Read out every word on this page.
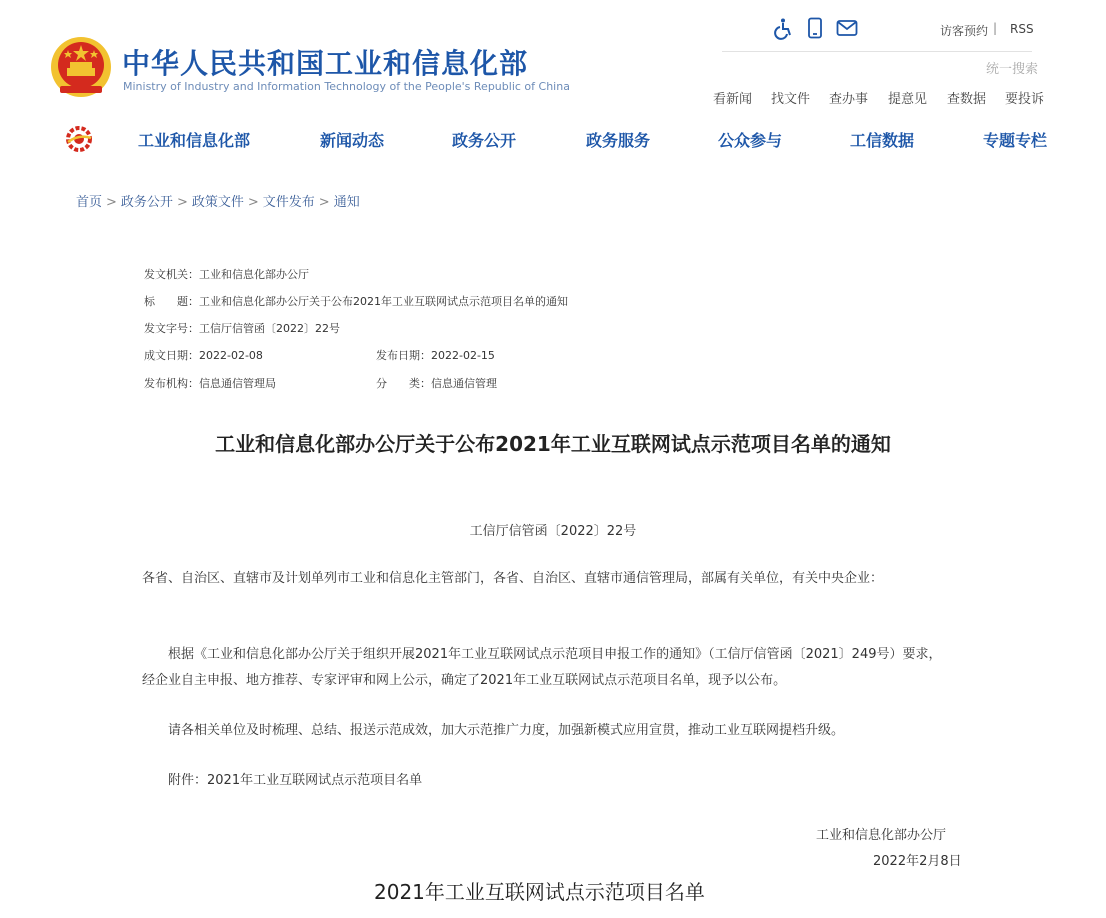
中华人民共和国工业和信息化部
Ministry of Industry and Information Technology of the People's Republic of China
访客预约 | RSS
统一搜索
看新闻 找文件 查办事 提意见 查数据 要投诉
工业和信息化部	新闻动态	政务公开	政务服务	公众参与	工信数据	专题专栏
首页 > 政务公开 > 政策文件 > 文件发布 > 通知
发文机关：工业和信息化部办公厅
标　　题：工业和信息化部办公厅关于公布2021年工业互联网试点示范项目名单的通知
发文字号：工信厅信管函〔2022〕22号
成文日期：2022-02-08	发布日期：2022-02-15
发布机构：信息通信管理局	分　　类：信息通信管理
工业和信息化部办公厅关于公布2021年工业互联网试点示范项目名单的通知
工信厅信管函〔2022〕22号
各省、自治区、直辖市及计划单列市工业和信息化主管部门，各省、自治区、直辖市通信管理局，部属有关单位，有关中央企业：
根据《工业和信息化部办公厅关于组织开展2021年工业互联网试点示范项目申报工作的通知》（工信厅信管函〔2021〕249号）要求，经企业自主申报、地方推荐、专家评审和网上公示，确定了2021年工业互联网试点示范项目名单，现予以公布。
请各相关单位及时梳理、总结、报送示范成效，加大示范推广力度，加强新模式应用宣贯，推动工业互联网提档升级。
附件：2021年工业互联网试点示范项目名单
工业和信息化部办公厅
2022年2月8日
2021年工业互联网试点示范项目名单
